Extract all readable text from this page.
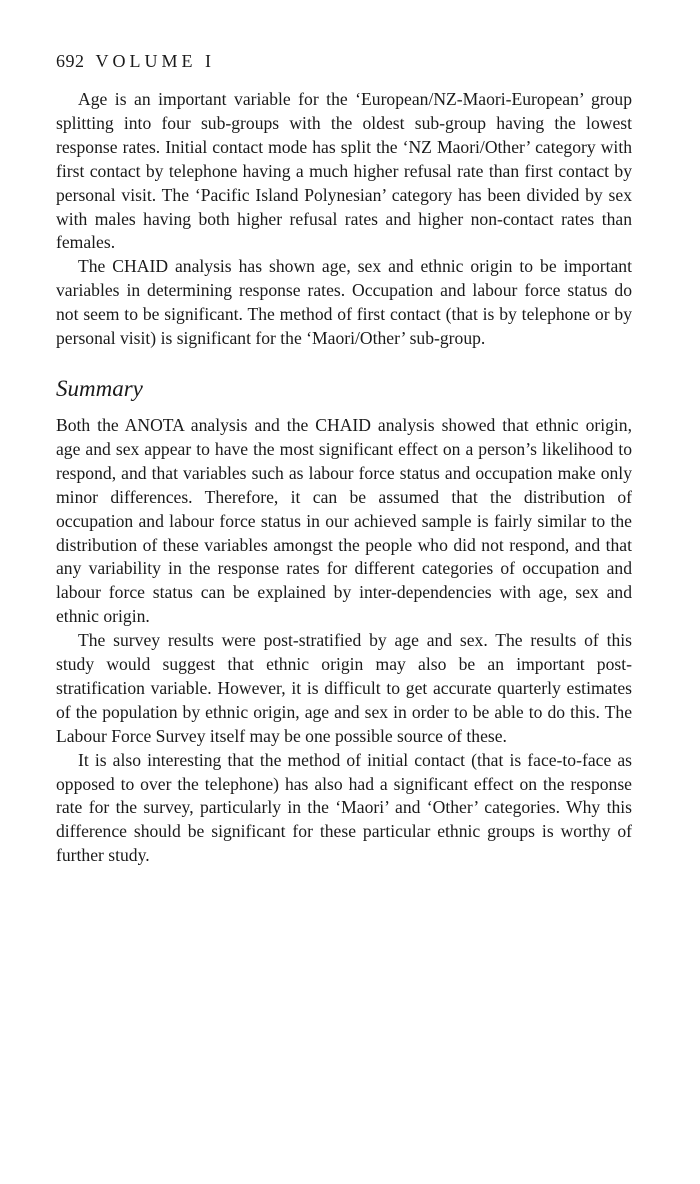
692 VOLUME I

Age is an important variable for the ‘European/NZ-Maori-European’ group splitting into four sub-groups with the oldest sub-group having the lowest response rates. Initial contact mode has split the ‘NZ Maori/Other’ category with first contact by telephone having a much higher refusal rate than first contact by personal visit. The ‘Pacific Island Polynesian’ category has been divided by sex with males having both higher refusal rates and higher non-contact rates than females.

The CHAID analysis has shown age, sex and ethnic origin to be important variables in determining response rates. Occupation and labour force status do not seem to be significant. The method of first contact (that is by telephone or by personal visit) is significant for the ‘Maori/Other’ sub-group.

Summary

Both the ANOTA analysis and the CHAID analysis showed that ethnic origin, age and sex appear to have the most significant effect on a person’s likelihood to respond, and that variables such as labour force status and occupation make only minor differences. Therefore, it can be assumed that the distribution of occupation and labour force status in our achieved sample is fairly similar to the distribution of these variables amongst the people who did not respond, and that any variability in the response rates for different categories of occupation and labour force status can be explained by inter-dependencies with age, sex and ethnic origin.

The survey results were post-stratified by age and sex. The results of this study would suggest that ethnic origin may also be an important post-stratification variable. However, it is difficult to get accurate quarterly estimates of the population by ethnic origin, age and sex in order to be able to do this. The Labour Force Survey itself may be one possible source of these.

It is also interesting that the method of initial contact (that is face-to-face as opposed to over the telephone) has also had a significant effect on the response rate for the survey, particularly in the ‘Maori’ and ‘Other’ categories. Why this difference should be significant for these particular ethnic groups is worthy of further study.
